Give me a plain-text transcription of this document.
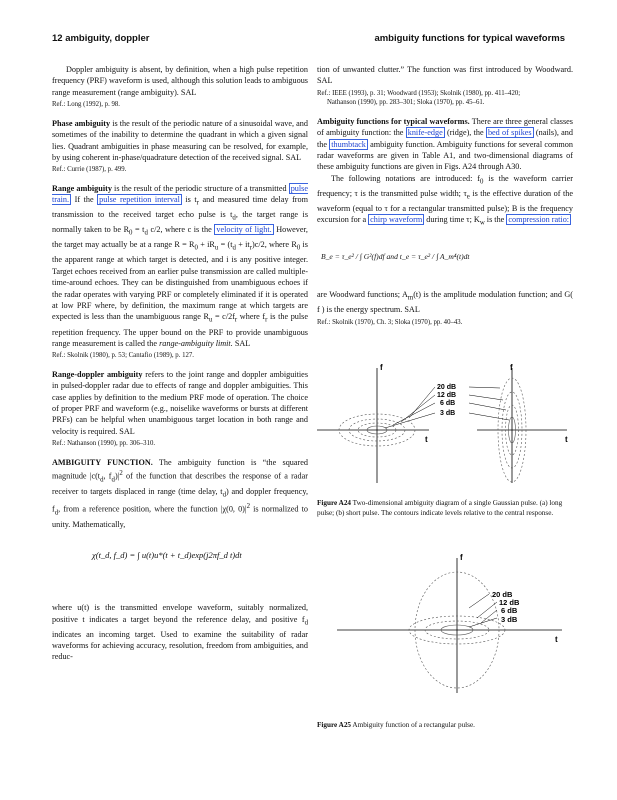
12 ambiguity, doppler	ambiguity functions for typical waveforms

Doppler ambiguity is absent, by definition, when a high pulse repetition frequency (PRF) waveform is used, although this solution leads to ambiguous range measurement (range ambiguity). SAL

Ref.: Long (1992), p. 98.

Phase ambiguity is the result of the periodic nature of a sinusoidal wave, and sometimes of the inability to determine the quadrant in which a given signal lies. Quadrant ambiguities in phase measuring can be resolved, for example, by using coherent in-phase/quadrature detection of the received signal. SAL

Ref.: Currie (1987), p. 499.

Range ambiguity is the result of the periodic structure of a transmitted pulse train. If the pulse repetition interval is $t_r$ and measured time delay from transmission to the received target echo pulse is $t_d$, the target range is normally taken to be $R_0 = t_d$ c/2, where c is the velocity of light. However, the target may actually be at a range $R = R_0 + iR_u = (t_d + it_r)c/2$, where $R_0$ is the apparent range at which target is detected, and i is any positive integer. Target echoes received from an earlier pulse transmission are called multiple-time-around echoes. They can be distinguished from unambiguous echoes if the radar operates with varying PRF or completely eliminated if it is operated at low PRF where, by definition, the maximum range at which targets are expected is less than the unambiguous range $R_u = c/2f_r$ where $f_r$ is the pulse repetition frequency. The upper bound on the PRF to provide unambiguous range measurement is called the range-ambiguity limit. SAL

Ref.: Skolnik (1980), p. 53; Cantafio (1989), p. 127.

Range-doppler ambiguity refers to the joint range and doppler ambiguities in pulsed-doppler radar due to effects of range and doppler ambiguities. This case applies by definition to the medium PRF mode of operation. The choice of proper PRF and waveform (e.g., noiselike waveforms or bursts at different PRFs) can be helpful when unambiguous target location in both range and velocity is required. SAL

Ref.: Nathanson (1990), pp. 306–310.

AMBIGUITY FUNCTION. The ambiguity function is “the squared magnitude $|c(t_d$, $f_d)|^2$ of the function that describes the response of a radar receiver to targets displaced in range (time delay, $t_d$) and doppler frequency, $f_d$, from a reference position, where the function |χ(0, $0)|^2$ is normalized to unity. Mathematically,

χ(t_d, f_d) = ∫ u(t)u*(t + t_d)exp(j2πf_d t)dt

where u(t) is the transmitted envelope waveform, suitably normalized, positive t indicates a target beyond the reference delay, and positive $f_d$ indicates an incoming target. Used to examine the suitability of radar waveforms for achieving accuracy, resolution, freedom from ambiguities, and reduc-

tion of unwanted clutter.” The function was first introduced by Woodward. SAL

Ref.: IEEE (1993), p. 31; Woodward (1953); Skolnik (1980), pp. 411–420;

Nathanson (1990), pp. 283–301; Sloka (1970), pp. 45–61.

Ambiguity functions for typical waveforms. There are three general classes of ambiguity function: the knife-edge (ridge), the bed of spikes (nails), and the thumbtack ambiguity function. Ambiguity functions for several common radar waveforms are given in Table A1, and two-dimensional diagrams of these ambiguity functions are given in Figs. A24 through A30.

The following notations are introduced: $f_0$ is the waveform carrier frequency; τ is the transmitted pulse width; $\tau_e$ is the effective duration of the waveform (equal to τ for a rectangular transmitted pulse); B is the frequency excursion for a chirp waveform during time τ; $K_w$ is the compression ratio:

B_e = τ_e² / ∫ G²(f)df and t_e = τ_e² / ∫ A_m⁴(t)dt

are Woodward functions; $A_m(t)$ is the amplitude modulation function; and G( f ) is the energy spectrum. SAL

Ref.: Skolnik (1970), Ch. 3; Sloka (1970), pp. 40–43.

f
t
f
t
20 dB
12 dB
6 dB
3 dB
Figure A24 Two-dimensional ambiguity diagram of a single Gaussian pulse. (a) long pulse; (b) short pulse. The contours indicate levels relative to the central response.
f
t
20 dB
12 dB
6 dB
3 dB
Figure A25 Ambiguity function of a rectangular pulse.
